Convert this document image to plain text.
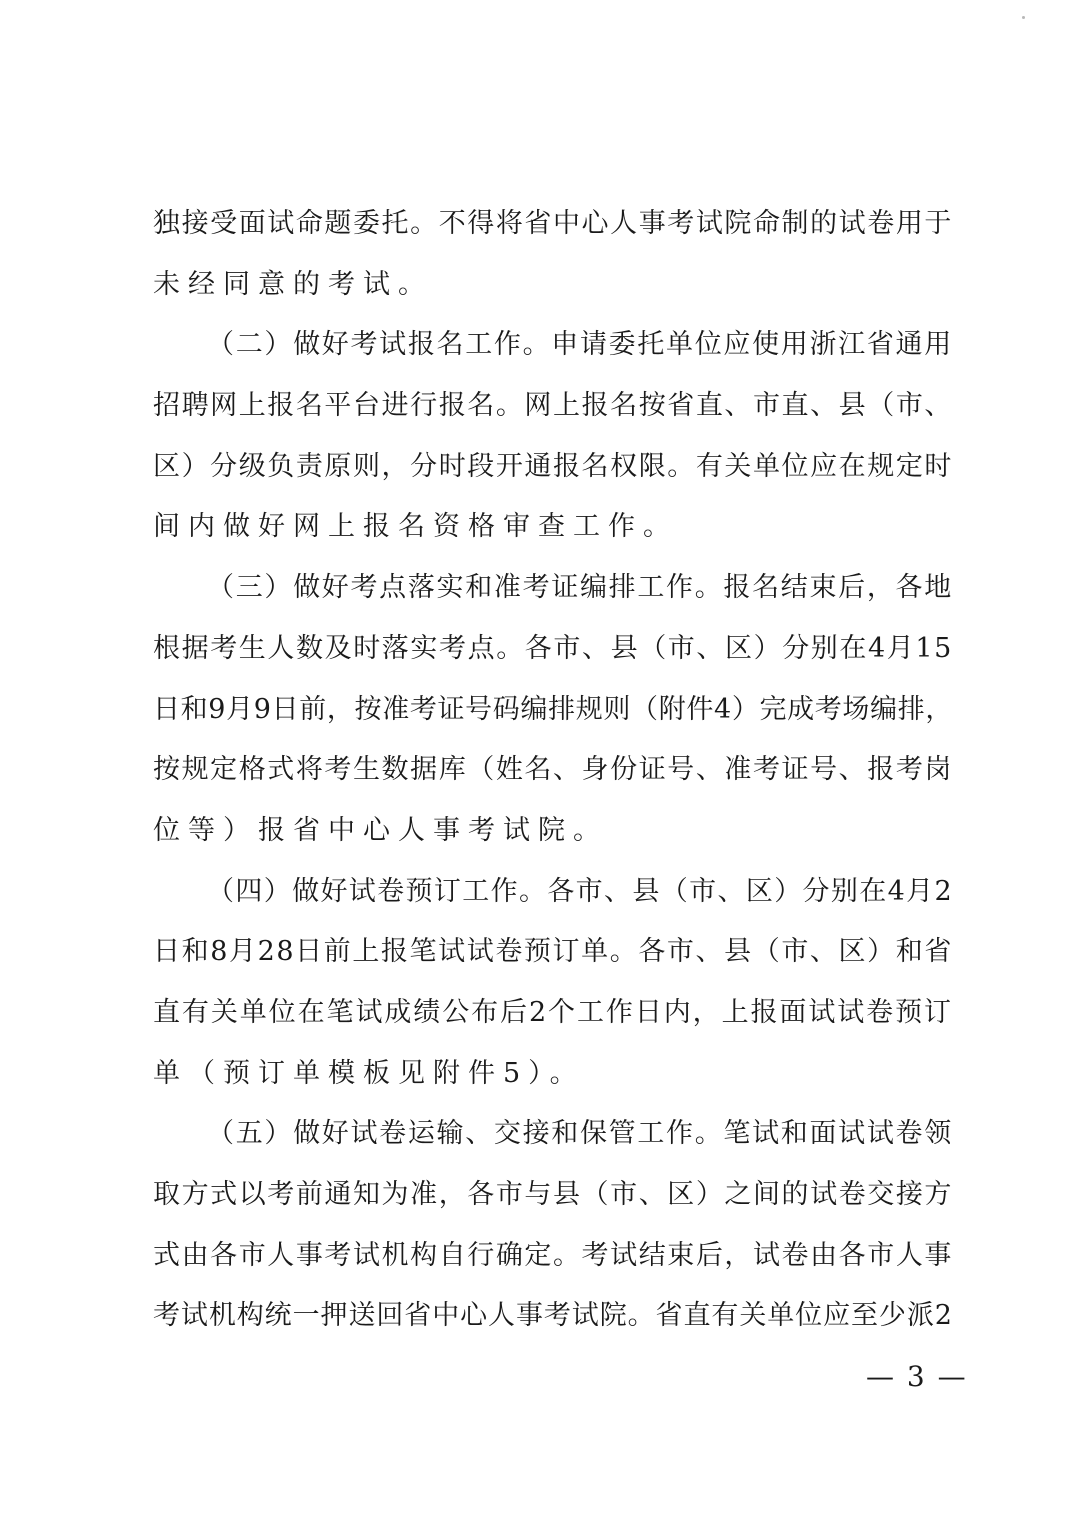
独接受面试命题委托。不得将省中心人事考试院命制的试卷用于
未经同意的考试。
（二）做好考试报名工作。申请委托单位应使用浙江省通用
招聘网上报名平台进行报名。网上报名按省直、市直、县（市、
区）分级负责原则，分时段开通报名权限。有关单位应在规定时
间内做好网上报名资格审查工作。
（三）做好考点落实和准考证编排工作。报名结束后，各地
根据考生人数及时落实考点。各市、县（市、区）分别在4月15
日和9月9日前，按准考证号码编排规则（附件4）完成考场编排，
按规定格式将考生数据库（姓名、身份证号、准考证号、报考岗
位等）报省中心人事考试院。
（四）做好试卷预订工作。各市、县（市、区）分别在4月2
日和8月28日前上报笔试试卷预订单。各市、县（市、区）和省
直有关单位在笔试成绩公布后2个工作日内，上报面试试卷预订
单（预订单模板见附件5）。
（五）做好试卷运输、交接和保管工作。笔试和面试试卷领
取方式以考前通知为准，各市与县（市、区）之间的试卷交接方
式由各市人事考试机构自行确定。考试结束后，试卷由各市人事
考试机构统一押送回省中心人事考试院。省直有关单位应至少派2
— 3 —
